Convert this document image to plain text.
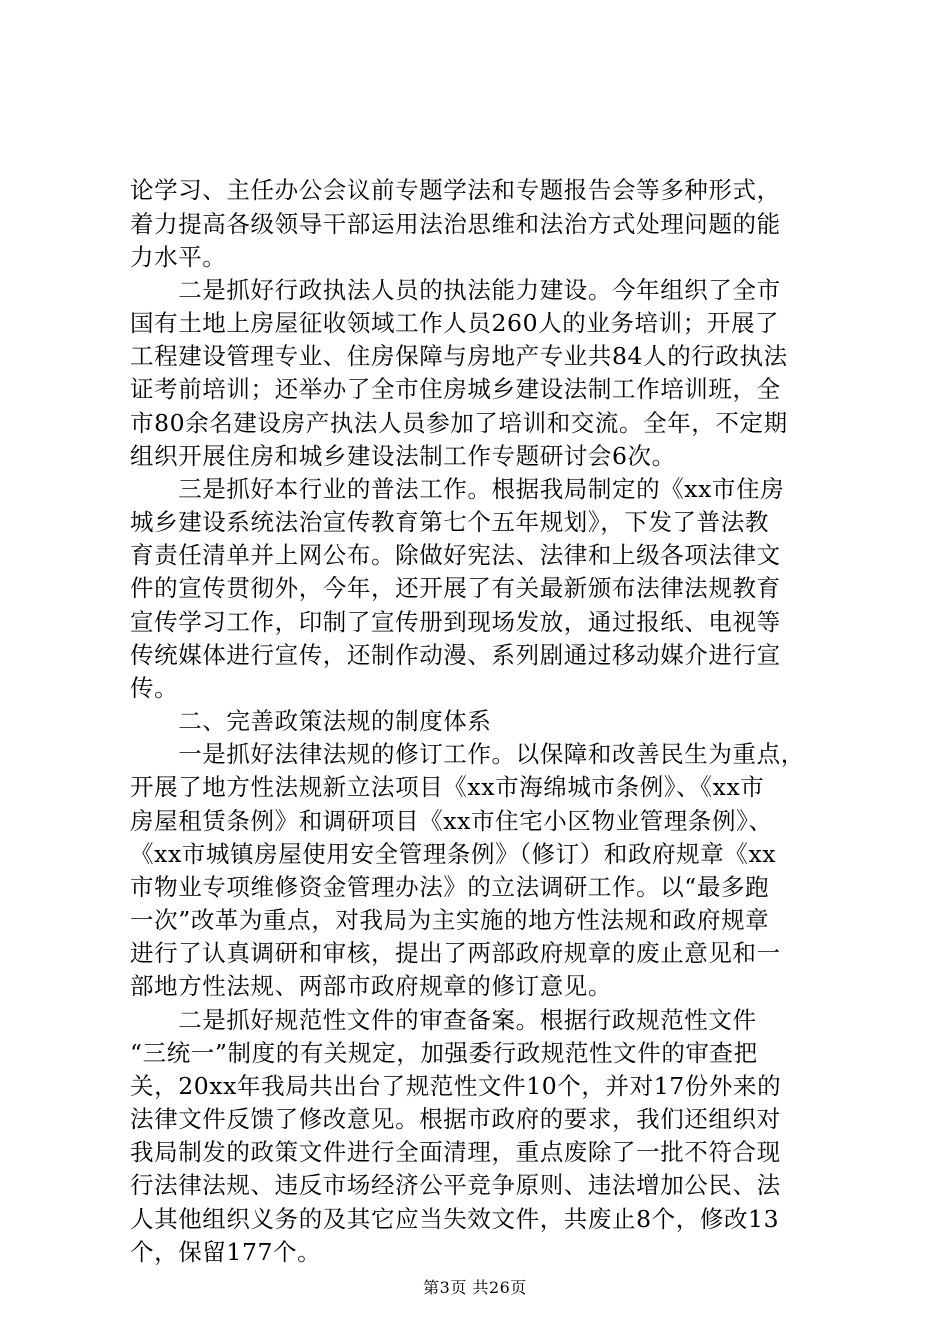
论学习、主任办公会议前专题学法和专题报告会等多种形式，
着力提高各级领导干部运用法治思维和法治方式处理问题的能
力水平。
　　二是抓好行政执法人员的执法能力建设。今年组织了全市
国有土地上房屋征收领域工作人员260人的业务培训；开展了
工程建设管理专业、住房保障与房地产专业共84人的行政执法
证考前培训；还举办了全市住房城乡建设法制工作培训班，全
市80余名建设房产执法人员参加了培训和交流。全年，不定期
组织开展住房和城乡建设法制工作专题研讨会6次。
　　三是抓好本行业的普法工作。根据我局制定的《xx市住房
城乡建设系统法治宣传教育第七个五年规划》，下发了普法教
育责任清单并上网公布。除做好宪法、法律和上级各项法律文
件的宣传贯彻外，今年，还开展了有关最新颁布法律法规教育
宣传学习工作，印制了宣传册到现场发放，通过报纸、电视等
传统媒体进行宣传，还制作动漫、系列剧通过移动媒介进行宣
传。
　　二、完善政策法规的制度体系
　　一是抓好法律法规的修订工作。以保障和改善民生为重点，
开展了地方性法规新立法项目《xx市海绵城市条例》、《xx市
房屋租赁条例》和调研项目《xx市住宅小区物业管理条例》、
《xx市城镇房屋使用安全管理条例》（修订）和政府规章《xx
市物业专项维修资金管理办法》的立法调研工作。以“最多跑
一次”改革为重点，对我局为主实施的地方性法规和政府规章
进行了认真调研和审核，提出了两部政府规章的废止意见和一
部地方性法规、两部市政府规章的修订意见。
　　二是抓好规范性文件的审查备案。根据行政规范性文件
“三统一”制度的有关规定，加强委行政规范性文件的审查把
关，20xx年我局共出台了规范性文件10个，并对17份外来的
法律文件反馈了修改意见。根据市政府的要求，我们还组织对
我局制发的政策文件进行全面清理，重点废除了一批不符合现
行法律法规、违反市场经济公平竞争原则、违法增加公民、法
人其他组织义务的及其它应当失效文件，共废止8个，修改13
个，保留177个。
第3页 共26页
